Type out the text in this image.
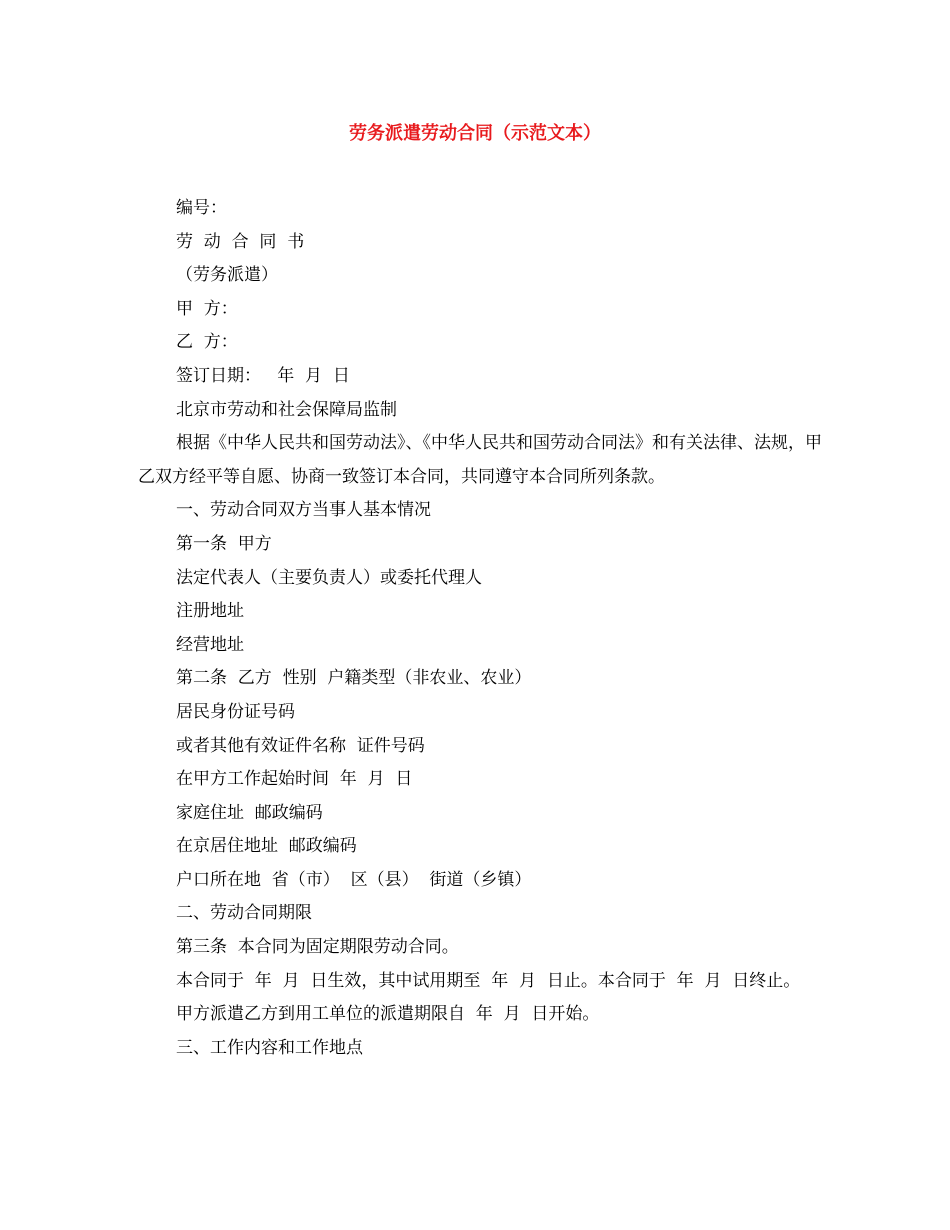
劳务派遣劳动合同（示范文本）
编号：
劳  动  合  同  书
（劳务派遣）
甲  方：
乙  方：
签订日期：   年  月  日
北京市劳动和社会保障局监制
根据《中华人民共和国劳动法》、《中华人民共和国劳动合同法》和有关法律、法规，甲乙双方经平等自愿、协商一致签订本合同，共同遵守本合同所列条款。
一、劳动合同双方当事人基本情况
第一条  甲方
法定代表人（主要负责人）或委托代理人
注册地址
经营地址
第二条  乙方  性别  户籍类型（非农业、农业）
居民身份证号码
或者其他有效证件名称  证件号码
在甲方工作起始时间  年  月  日
家庭住址  邮政编码
在京居住地址  邮政编码
户口所在地  省（市）  区（县）  街道（乡镇）
二、劳动合同期限
第三条  本合同为固定期限劳动合同。
本合同于  年  月  日生效，其中试用期至  年  月  日止。本合同于  年  月  日终止。
甲方派遣乙方到用工单位的派遣期限自  年  月  日开始。
三、工作内容和工作地点
